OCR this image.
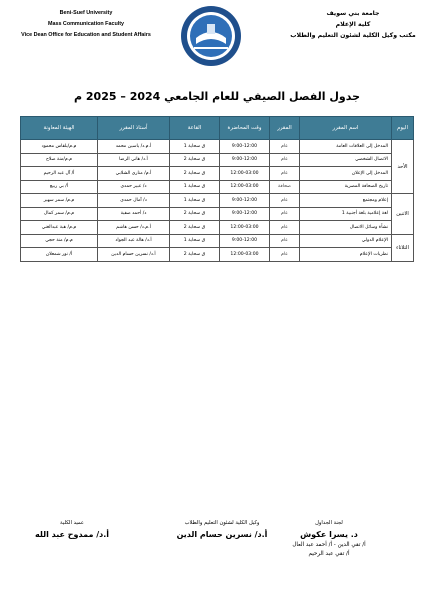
Beni-Suef University
Mass Communication Faculty
Vice Dean Office for Education and Student Affairs
جامعة بني سويف
كلية الإعلام
مكتب وكيل الكلية لشئون التعليم والطلاب
جدول الفصل الصيفي للعام الجامعي 2024 – 2025 م
اليوم	اسم المقرر	المقرر	وقت المحاضرة	القاعة	أستاذ المقرر	الهيئة المعاونة
الأحد	المدخل إلى العلاقات العامة	عام	9:00-12:00	ق سحاية 1	أ.م.د/ ياسين محمد	م.م/بلقاس محمود
	الاتصال الشخصي	عام	9:00-12:00	ق سحاية 2	أ.د/ هاني الرضا	م.م/منة صلاح
	المدخل إلى الإعلان	عام	12:00-03:00	ق سحاية 2	أ.م/ مناري الشلابي	أ/ آل عبد الرحيم
	تاريخ الصحافة المصرية	صحافة	12:00-03:00	ق سحاية 1	د/ عبير حمدي	أ/ بي ربيع
الاثنين	إعلام ومجتمع	عام	9:00-12:00	ق سحاية 1	د/ آمال حمدي	م.م/ سمر سهير
	لغة إعلامية بلغة أجنبية 1	عام	9:00-12:00	ق سحاية 2	د/ أحمد صفية	م.م/ سمر كمال
	نشأة وسائل الاتصال	عام	12:00-03:00	ق سحاية 2	أ.م.د/ حسن هاشم	م.م/ هبة عبدالغني
الثلاثاء	الإعلام الدولي	عام	9:00-12:00	ق سحاية 1	أ.د/ هالة عبد الجواد	م.م/ منة حجي
	نظريات الإعلام	عام	12:00-03:00	ق سحاية 2	أ.د/ نسرين حسام الدين	أ/ نور شمعلان
لجنة الجداول
د. يسرا عكوش
أ/ تقي الدين - أ/ أحمد عبد العال
أ/ تقي عبد الرحيم
وكيل الكلية لشئون التعليم والطلاب
أ.د/ نسرين حسام الدين
عميد الكلية
أ.د/ ممدوح عبد الله
